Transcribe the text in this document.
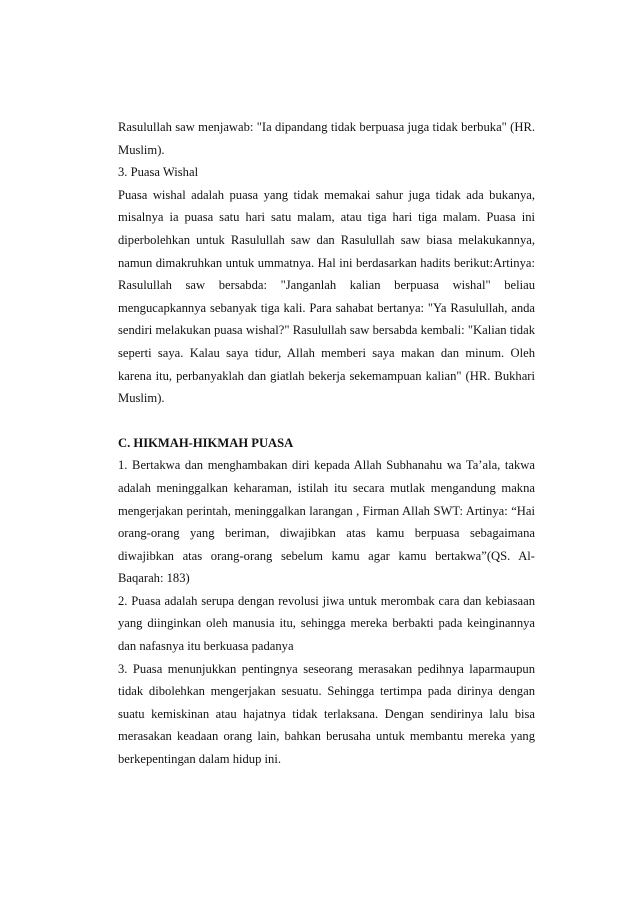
Rasulullah saw menjawab: "Ia dipandang tidak berpuasa juga tidak berbuka" (HR. Muslim).

3. Puasa Wishal

Puasa wishal adalah puasa yang tidak memakai sahur juga tidak ada bukanya, misalnya ia puasa satu hari satu malam, atau tiga hari tiga malam. Puasa ini diperbolehkan untuk Rasulullah saw dan Rasulullah saw biasa melakukannya, namun dimakruhkan untuk ummatnya. Hal ini berdasarkan hadits berikut:Artinya: Rasulullah saw bersabda: "Janganlah kalian berpuasa wishal" beliau mengucapkannya sebanyak tiga kali. Para sahabat bertanya: "Ya Rasulullah, anda sendiri melakukan puasa wishal?" Rasulullah saw bersabda kembali: "Kalian tidak seperti saya. Kalau saya tidur, Allah memberi saya makan dan minum. Oleh karena itu, perbanyaklah dan giatlah bekerja sekemampuan kalian" (HR. Bukhari Muslim).

C. HIKMAH-HIKMAH PUASA

1. Bertakwa dan menghambakan diri kepada Allah Subhanahu wa Ta’ala, takwa adalah meninggalkan keharaman, istilah itu secara mutlak mengandung makna mengerjakan perintah, meninggalkan larangan , Firman Allah SWT: Artinya: “Hai orang-orang yang beriman, diwajibkan atas kamu berpuasa sebagaimana diwajibkan atas orang-orang sebelum kamu agar kamu bertakwa”(QS. Al-Baqarah: 183)

2. Puasa adalah serupa dengan revolusi jiwa untuk merombak cara dan kebiasaan yang diinginkan oleh manusia itu, sehingga mereka berbakti pada keinginannya dan nafasnya itu berkuasa padanya

3. Puasa menunjukkan pentingnya seseorang merasakan pedihnya laparmaupun tidak dibolehkan mengerjakan sesuatu. Sehingga tertimpa pada dirinya dengan suatu kemiskinan atau hajatnya tidak terlaksana. Dengan sendirinya lalu bisa merasakan keadaan orang lain, bahkan berusaha untuk membantu mereka yang berkepentingan dalam hidup ini.
